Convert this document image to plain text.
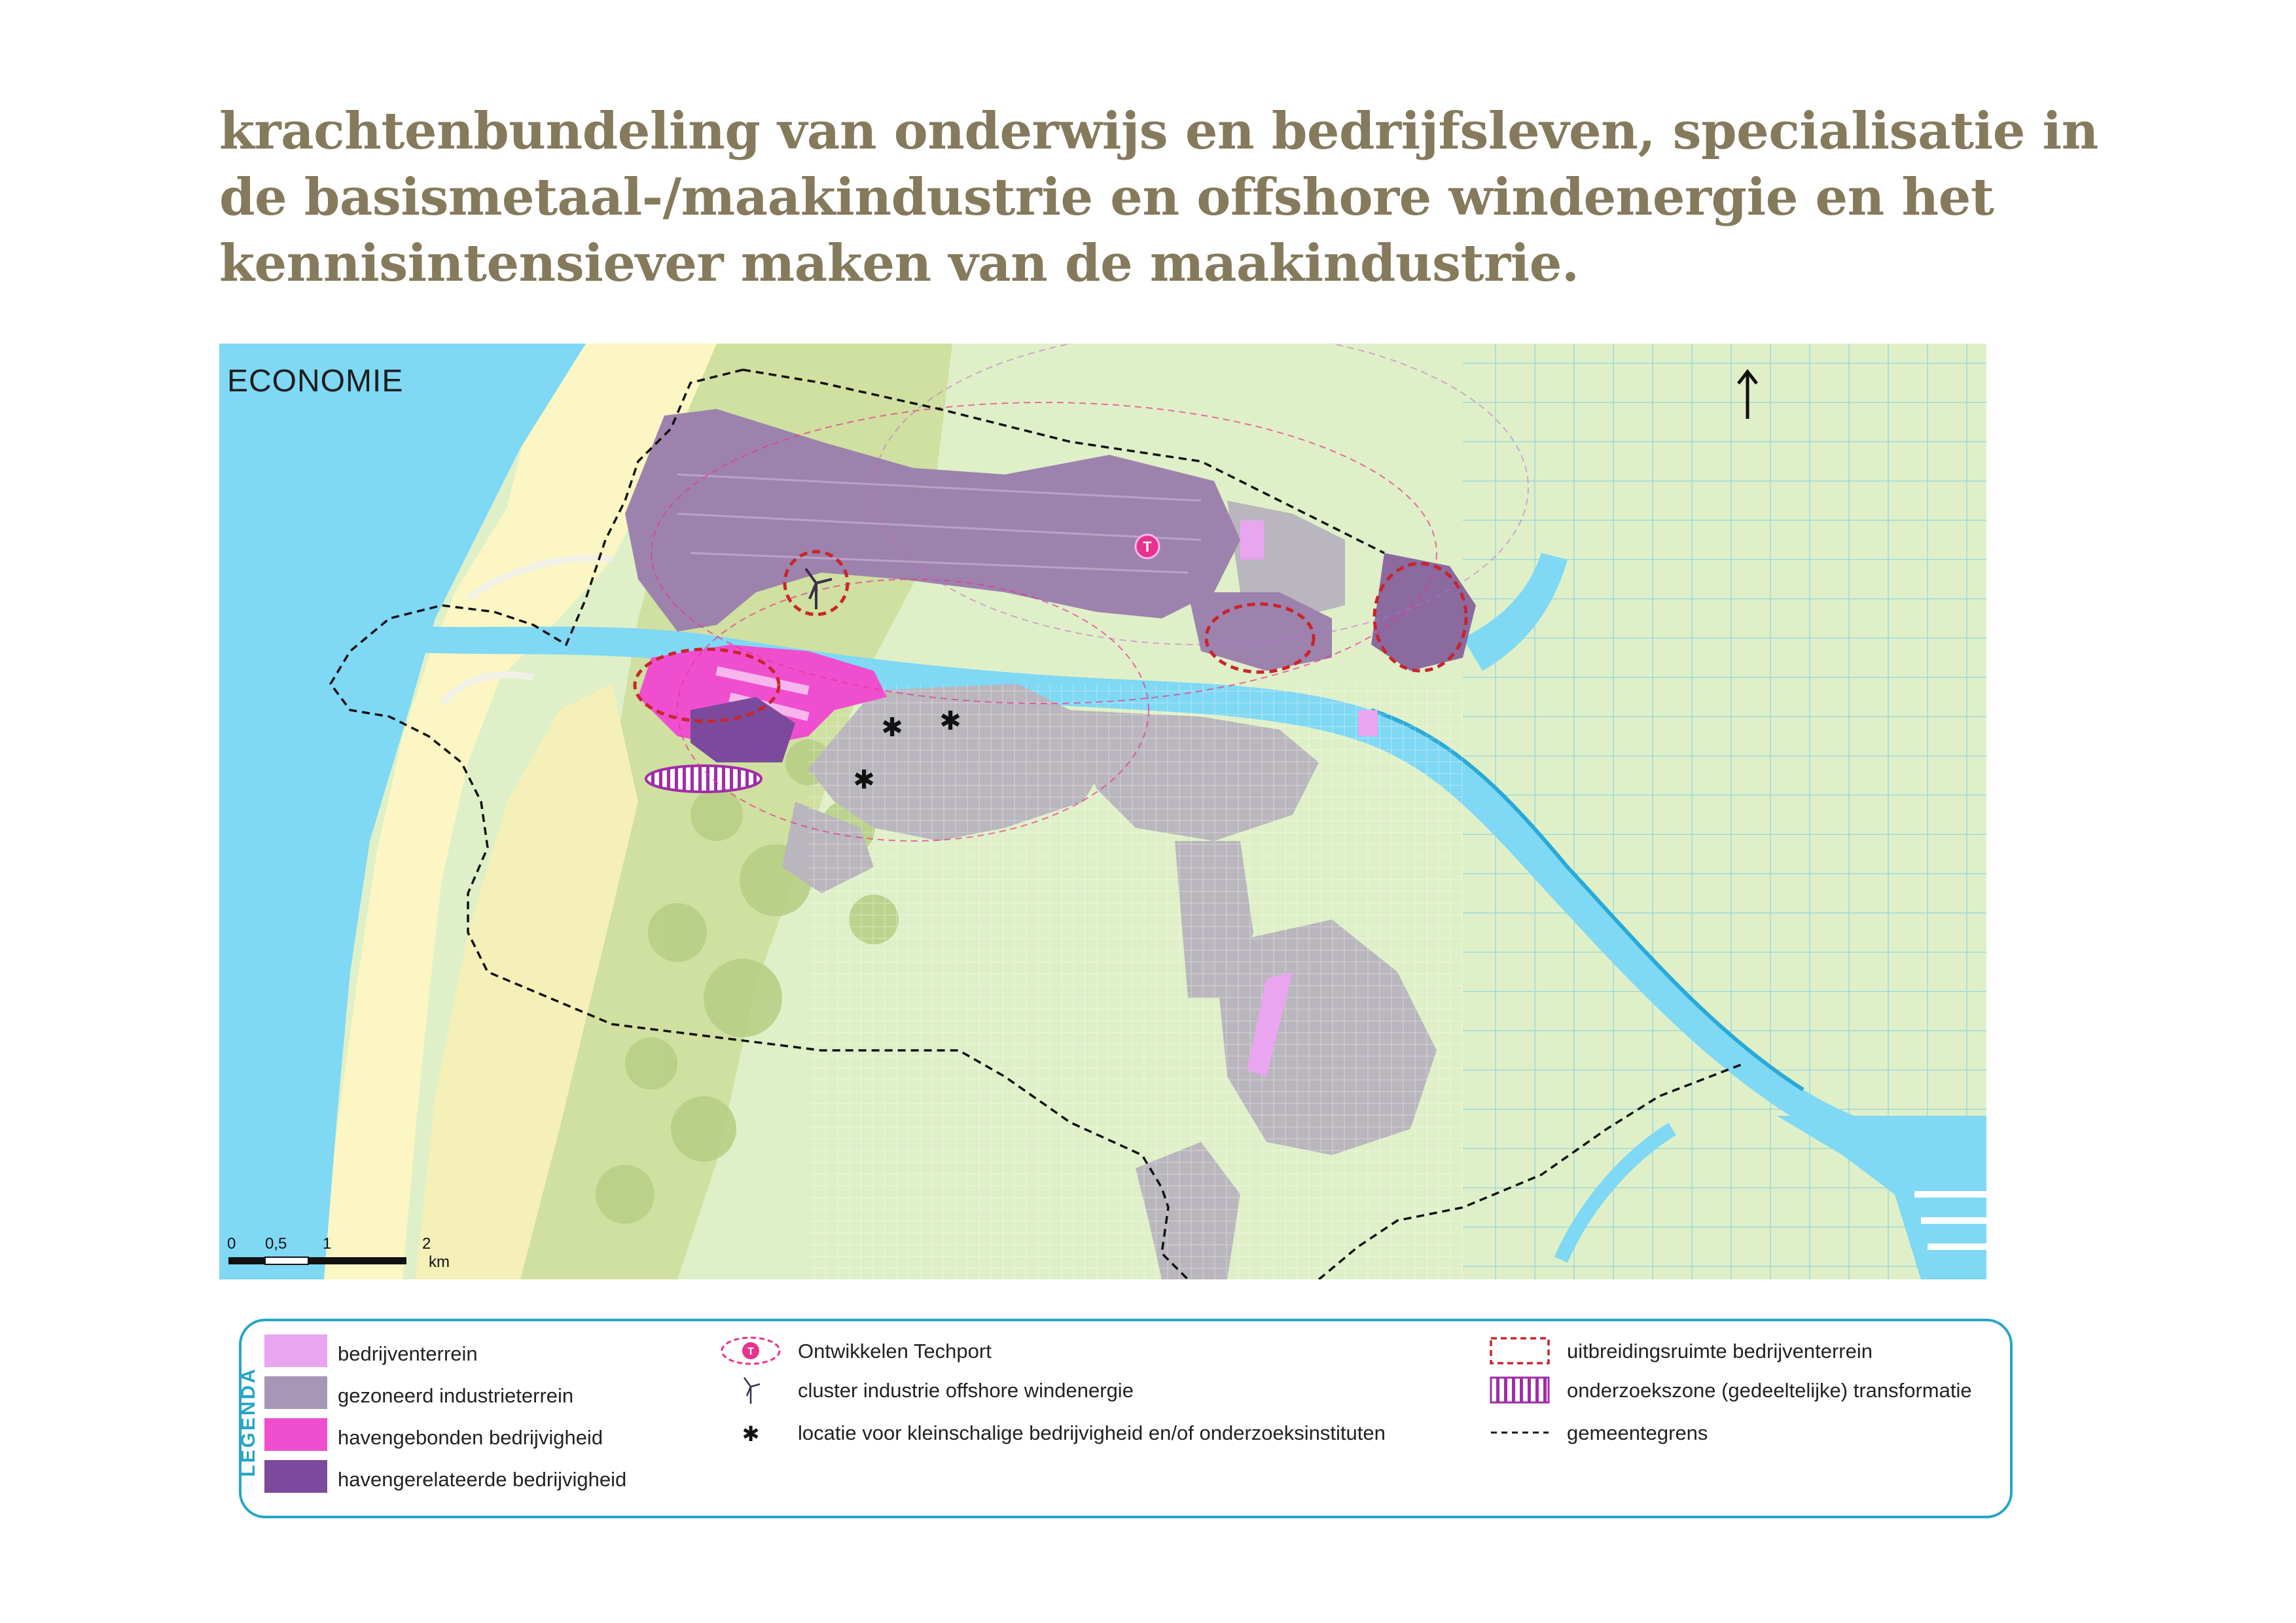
krachtenbundeling van onderwijs en bedrijfsleven, specialisatie in
de basismetaal-/maakindustrie en offshore windenergie en het
kennisintensiever maken van de maakindustrie.
T
✱ ✱
✱
ECONOMIE
0 0,5 1	2
km
LEGENDA
bedrijventerrein
gezoneerd industrieterrein
havengebonden bedrijvigheid
havengerelateerde bedrijvigheid
T Ontwikkelen Techport
cluster industrie offshore windenergie
✱ locatie voor kleinschalige bedrijvigheid en/of onderzoeksinstituten
uitbreidingsruimte bedrijventerrein
onderzoekszone (gedeeltelijke) transformatie
gemeentegrens
